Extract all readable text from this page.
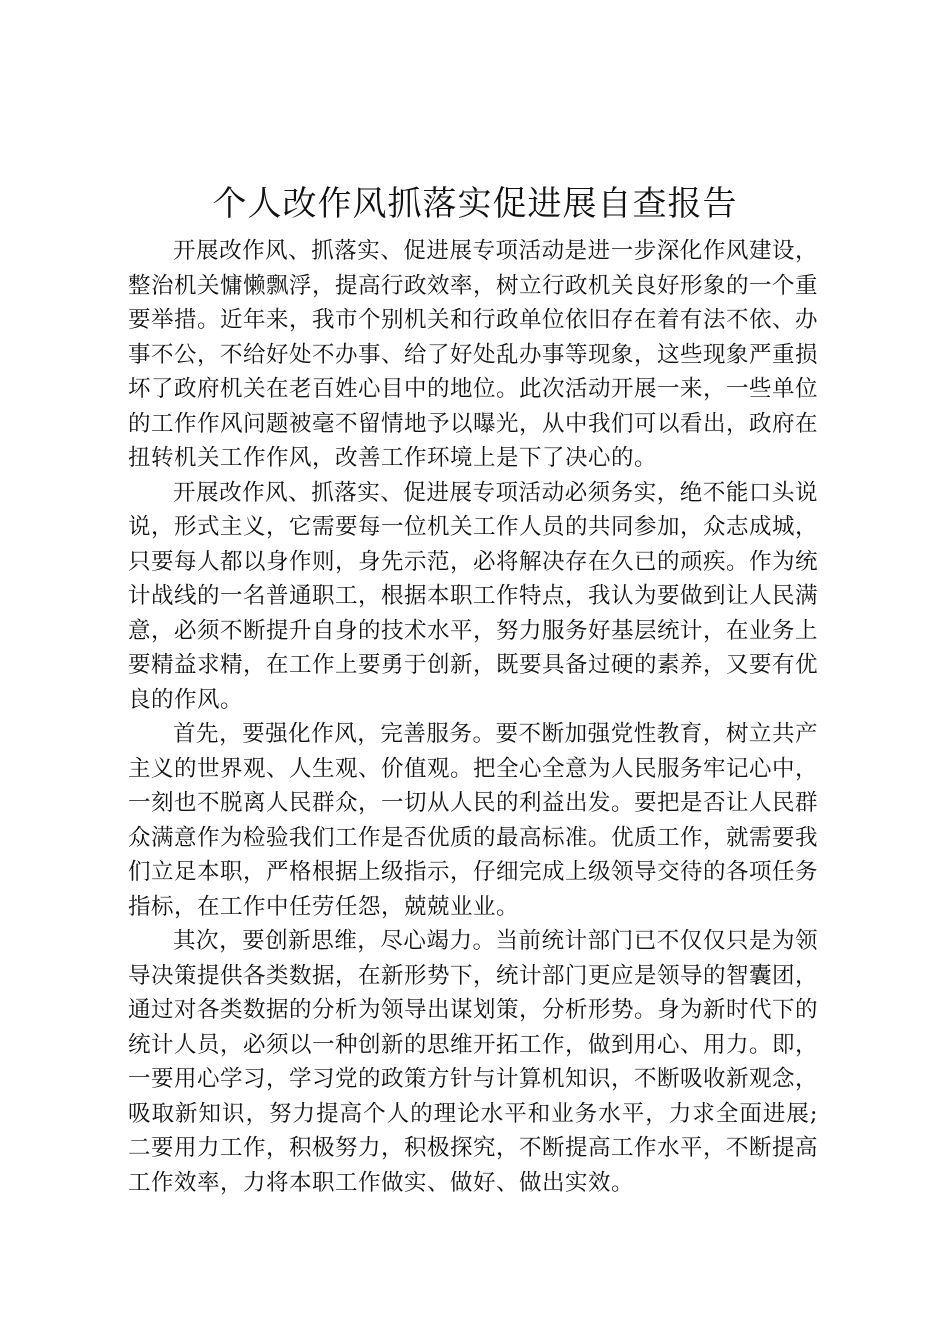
个人改作风抓落实促进展自查报告

开展改作风、抓落实、促进展专项活动是进一步深化作风建设，整治机关慵懒飘浮，提高行政效率，树立行政机关良好形象的一个重要举措。近年来，我市个别机关和行政单位依旧存在着有法不依、办事不公，不给好处不办事、给了好处乱办事等现象，这些现象严重损坏了政府机关在老百姓心目中的地位。此次活动开展一来，一些单位的工作作风问题被毫不留情地予以曝光，从中我们可以看出，政府在扭转机关工作作风，改善工作环境上是下了决心的。

开展改作风、抓落实、促进展专项活动必须务实，绝不能口头说说，形式主义，它需要每一位机关工作人员的共同参加，众志成城，只要每人都以身作则，身先示范，必将解决存在久已的顽疾。作为统计战线的一名普通职工，根据本职工作特点，我认为要做到让人民满意，必须不断提升自身的技术水平，努力服务好基层统计，在业务上要精益求精，在工作上要勇于创新，既要具备过硬的素养，又要有优良的作风。

首先，要强化作风，完善服务。要不断加强党性教育，树立共产主义的世界观、人生观、价值观。把全心全意为人民服务牢记心中，一刻也不脱离人民群众，一切从人民的利益出发。要把是否让人民群众满意作为检验我们工作是否优质的最高标准。优质工作，就需要我们立足本职，严格根据上级指示，仔细完成上级领导交待的各项任务指标，在工作中任劳任怨，兢兢业业。

其次，要创新思维，尽心竭力。当前统计部门已不仅仅只是为领导决策提供各类数据，在新形势下，统计部门更应是领导的智囊团，通过对各类数据的分析为领导出谋划策，分析形势。身为新时代下的统计人员，必须以一种创新的思维开拓工作，做到用心、用力。即，一要用心学习，学习党的政策方针与计算机知识，不断吸收新观念，吸取新知识，努力提高个人的理论水平和业务水平，力求全面进展;二要用力工作，积极努力，积极探究，不断提高工作水平，不断提高工作效率，力将本职工作做实、做好、做出实效。
